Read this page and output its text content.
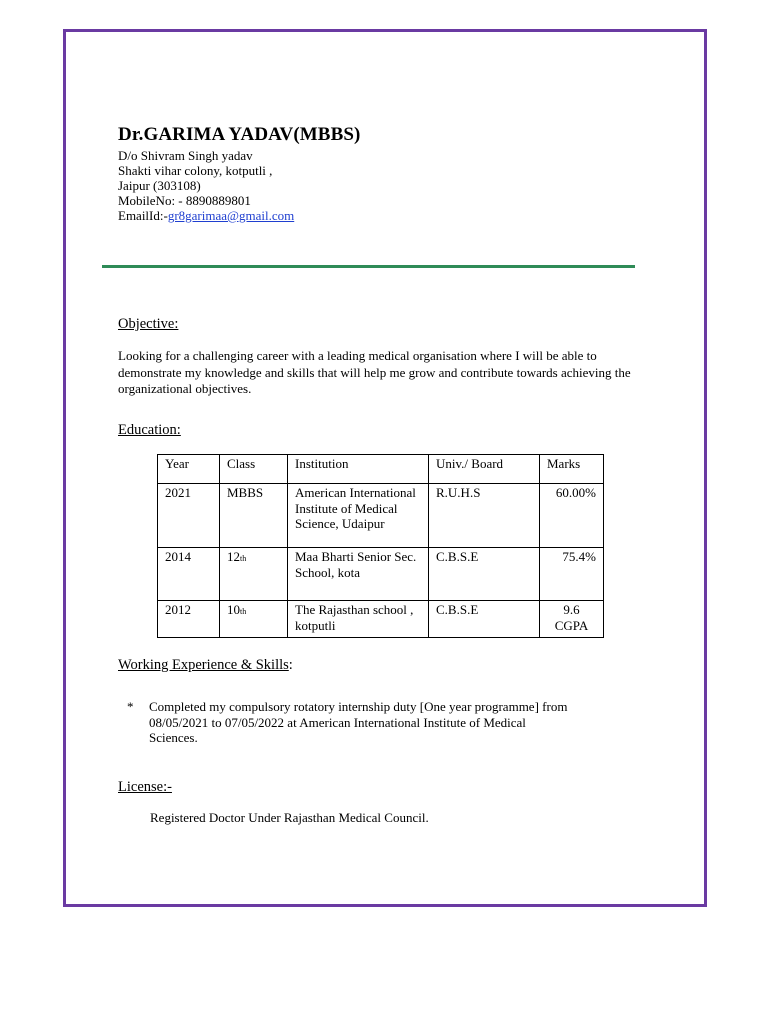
Dr.GARIMA YADAV(MBBS)
D/o Shivram Singh yadav
Shakti vihar colony, kotputli ,
Jaipur (303108)
MobileNo: - 8890889801
EmailId:-gr8garimaa@gmail.com
Objective:
Looking for a challenging career with a leading medical organisation where I will be able to demonstrate my knowledge and skills that will help me grow and contribute towards achieving the organizational objectives.
Education:
Year	Class	Institution	Univ./ Board	Marks
2021	MBBS	American International Institute of Medical Science, Udaipur	R.U.H.S	60.00%
2014	12th	Maa Bharti Senior Sec. School, kota	C.B.S.E	75.4%
2012	10th	The Rajasthan school , kotputli	C.B.S.E	9.6 CGPA
Working Experience & Skills:
* Completed my compulsory rotatory internship duty [One year programme] from 08/05/2021 to 07/05/2022 at American International Institute of Medical Sciences.
License:-
Registered Doctor Under Rajasthan Medical Council.
